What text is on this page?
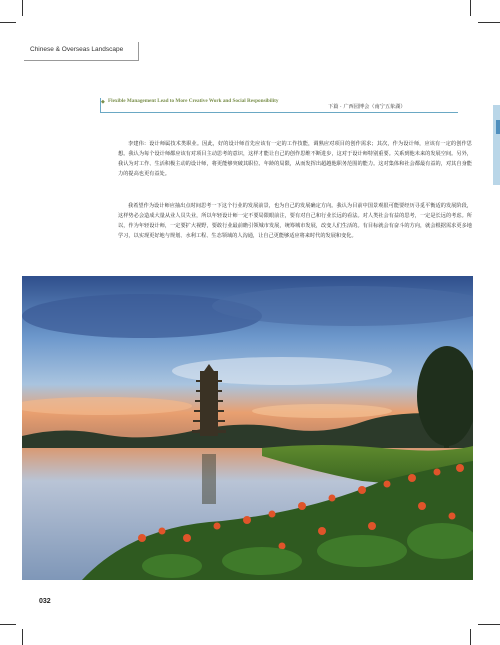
Chinese & Overseas Landscape
◆ Flexible Management Lead to More Creative Work and Social Responsibility
下篇 · 广西园博会（南宁五象湖）

李建伟：设计师属技术类职业。因此，好的设计师首先应该有一定的工作技能，调熟应对项目的创作需求；其次，作为设计师，应该有一定的创作思想。我认为每个设计师都应该有对项目主动思考的意识，这样才能让自己的创作思维不断进步，这对于设计师特别重要。关系到他未来的发展空间。另外，我认为对工作、生活积极主动的设计师，将更能够突破其职位、年龄的局限，从而发挥出超越他职务范围的能力。这对集体和社会都最有益的，对其自身能力的提高也更有益处。

我希望作为设计师应抽出点时间思考一下这个行业的发展前景，也为自己的发展确定方向。我认为目前中国景观很可能要经历寻觅平衡适的发展阶段，这样势必会造成大量从业人员失业，所以年轻设计师一定不要局限眼前注，要有对自己和行业长远的看法。对人类社会有益的思考，一定是长远的考虑。所以，作为年轻设计师，一定要扩大视野，要敢行业最前瞻引领城市发展，统筹城市发展，改变人们生活的。有目标就会有奋斗的方向，就会根据需求更多地学习，以实现更好地与规划、水利工程、生态领域的人沟通，让自己更能够适应将来时代的发展和变化。

032
